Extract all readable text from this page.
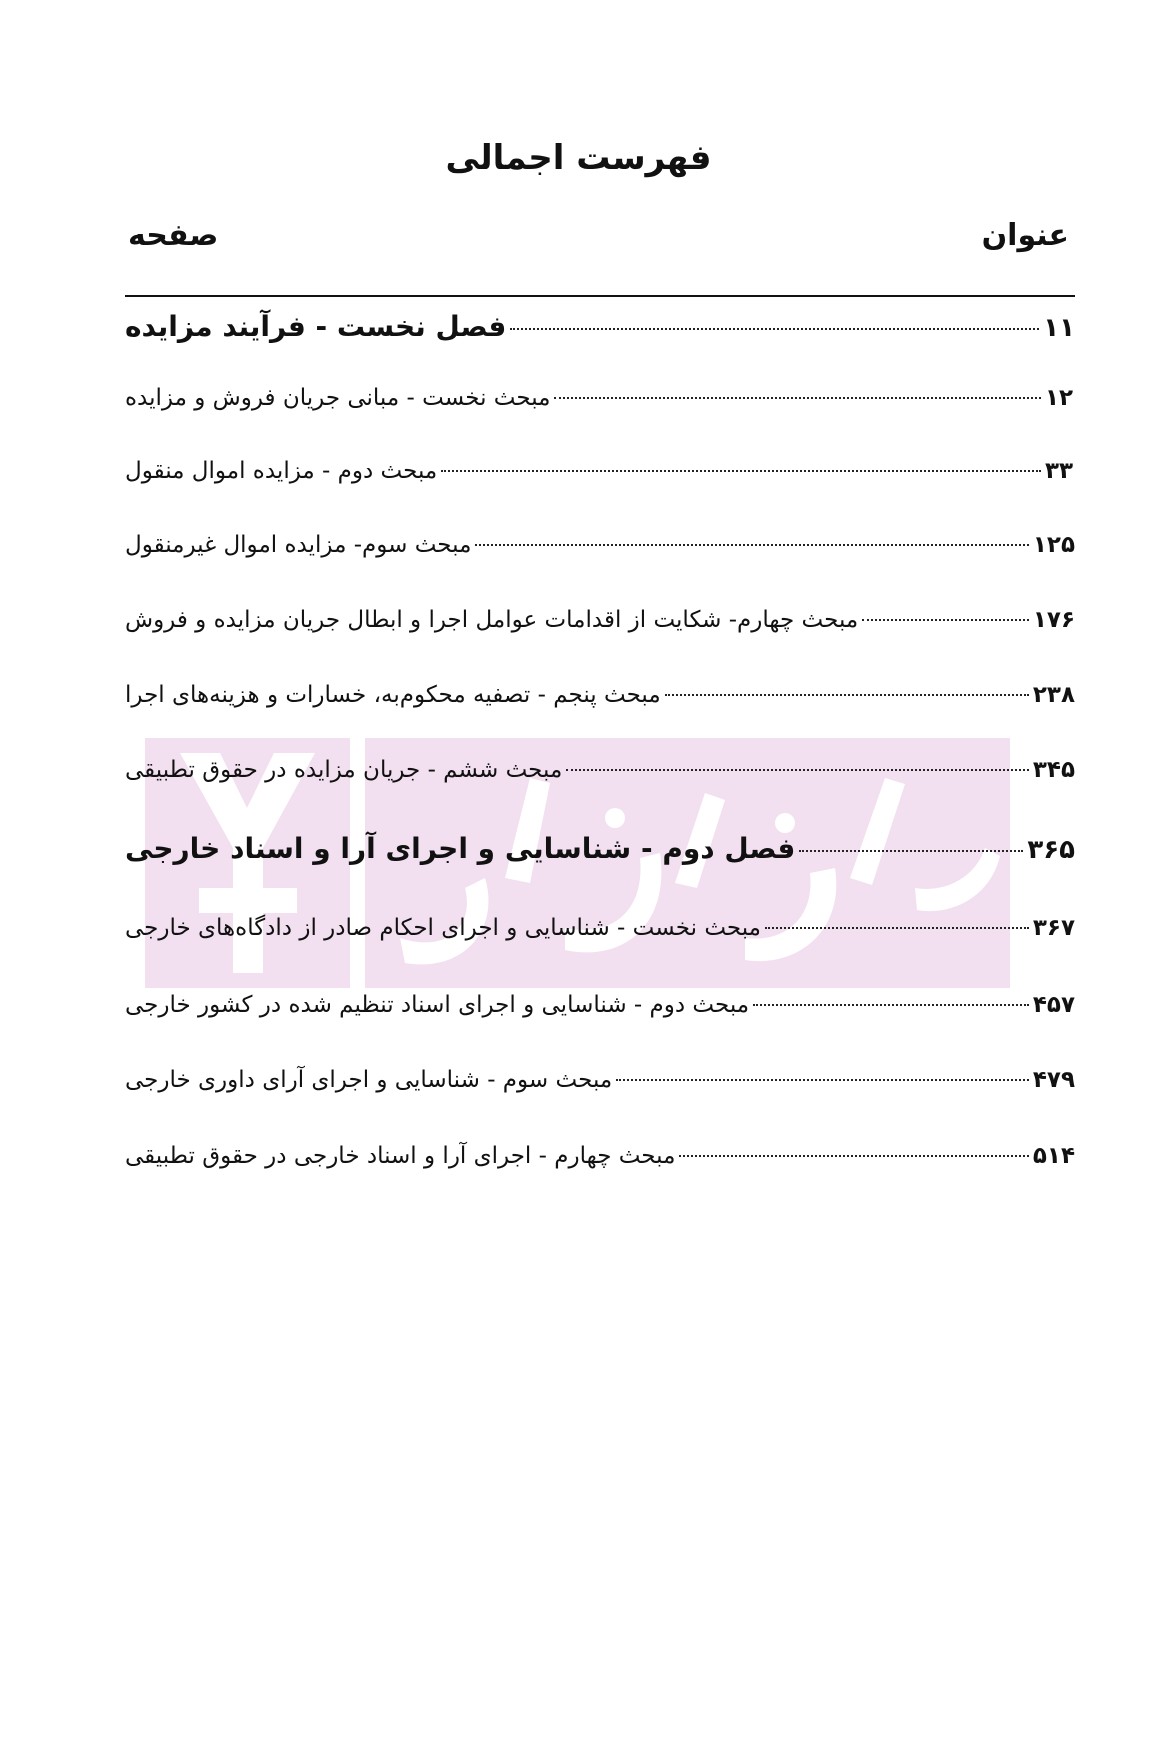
فهرست اجمالی
عنوان
صفحه
فصل نخست - فرآیند مزایده	۱۱
مبحث نخست - مبانی جریان فروش و مزایده	۱۲
مبحث دوم - مزایده اموال منقول	۳۳
مبحث سوم- مزایده اموال غیرمنقول	۱۲۵
مبحث چهارم- شکایت از اقدامات عوامل اجرا و ابطال جریان مزایده و فروش	۱۷۶
مبحث پنجم - تصفیه محکوم‌به، خسارات و هزینه‌های اجرا	۲۳۸
مبحث ششم - جریان مزایده در حقوق تطبیقی	۳۴۵
فصل دوم - شناسایی و اجرای آرا و اسناد خارجی	۳۶۵
مبحث نخست - شناسایی و اجرای احکام صادر از دادگاه‌های خارجی	۳۶۷
مبحث دوم - شناسایی و اجرای اسناد تنظیم شده در کشور خارجی	۴۵۷
مبحث سوم - شناسایی و اجرای آرای داوری خارجی	۴۷۹
مبحث چهارم - اجرای آرا و اسناد خارجی در حقوق تطبیقی	۵۱۴
